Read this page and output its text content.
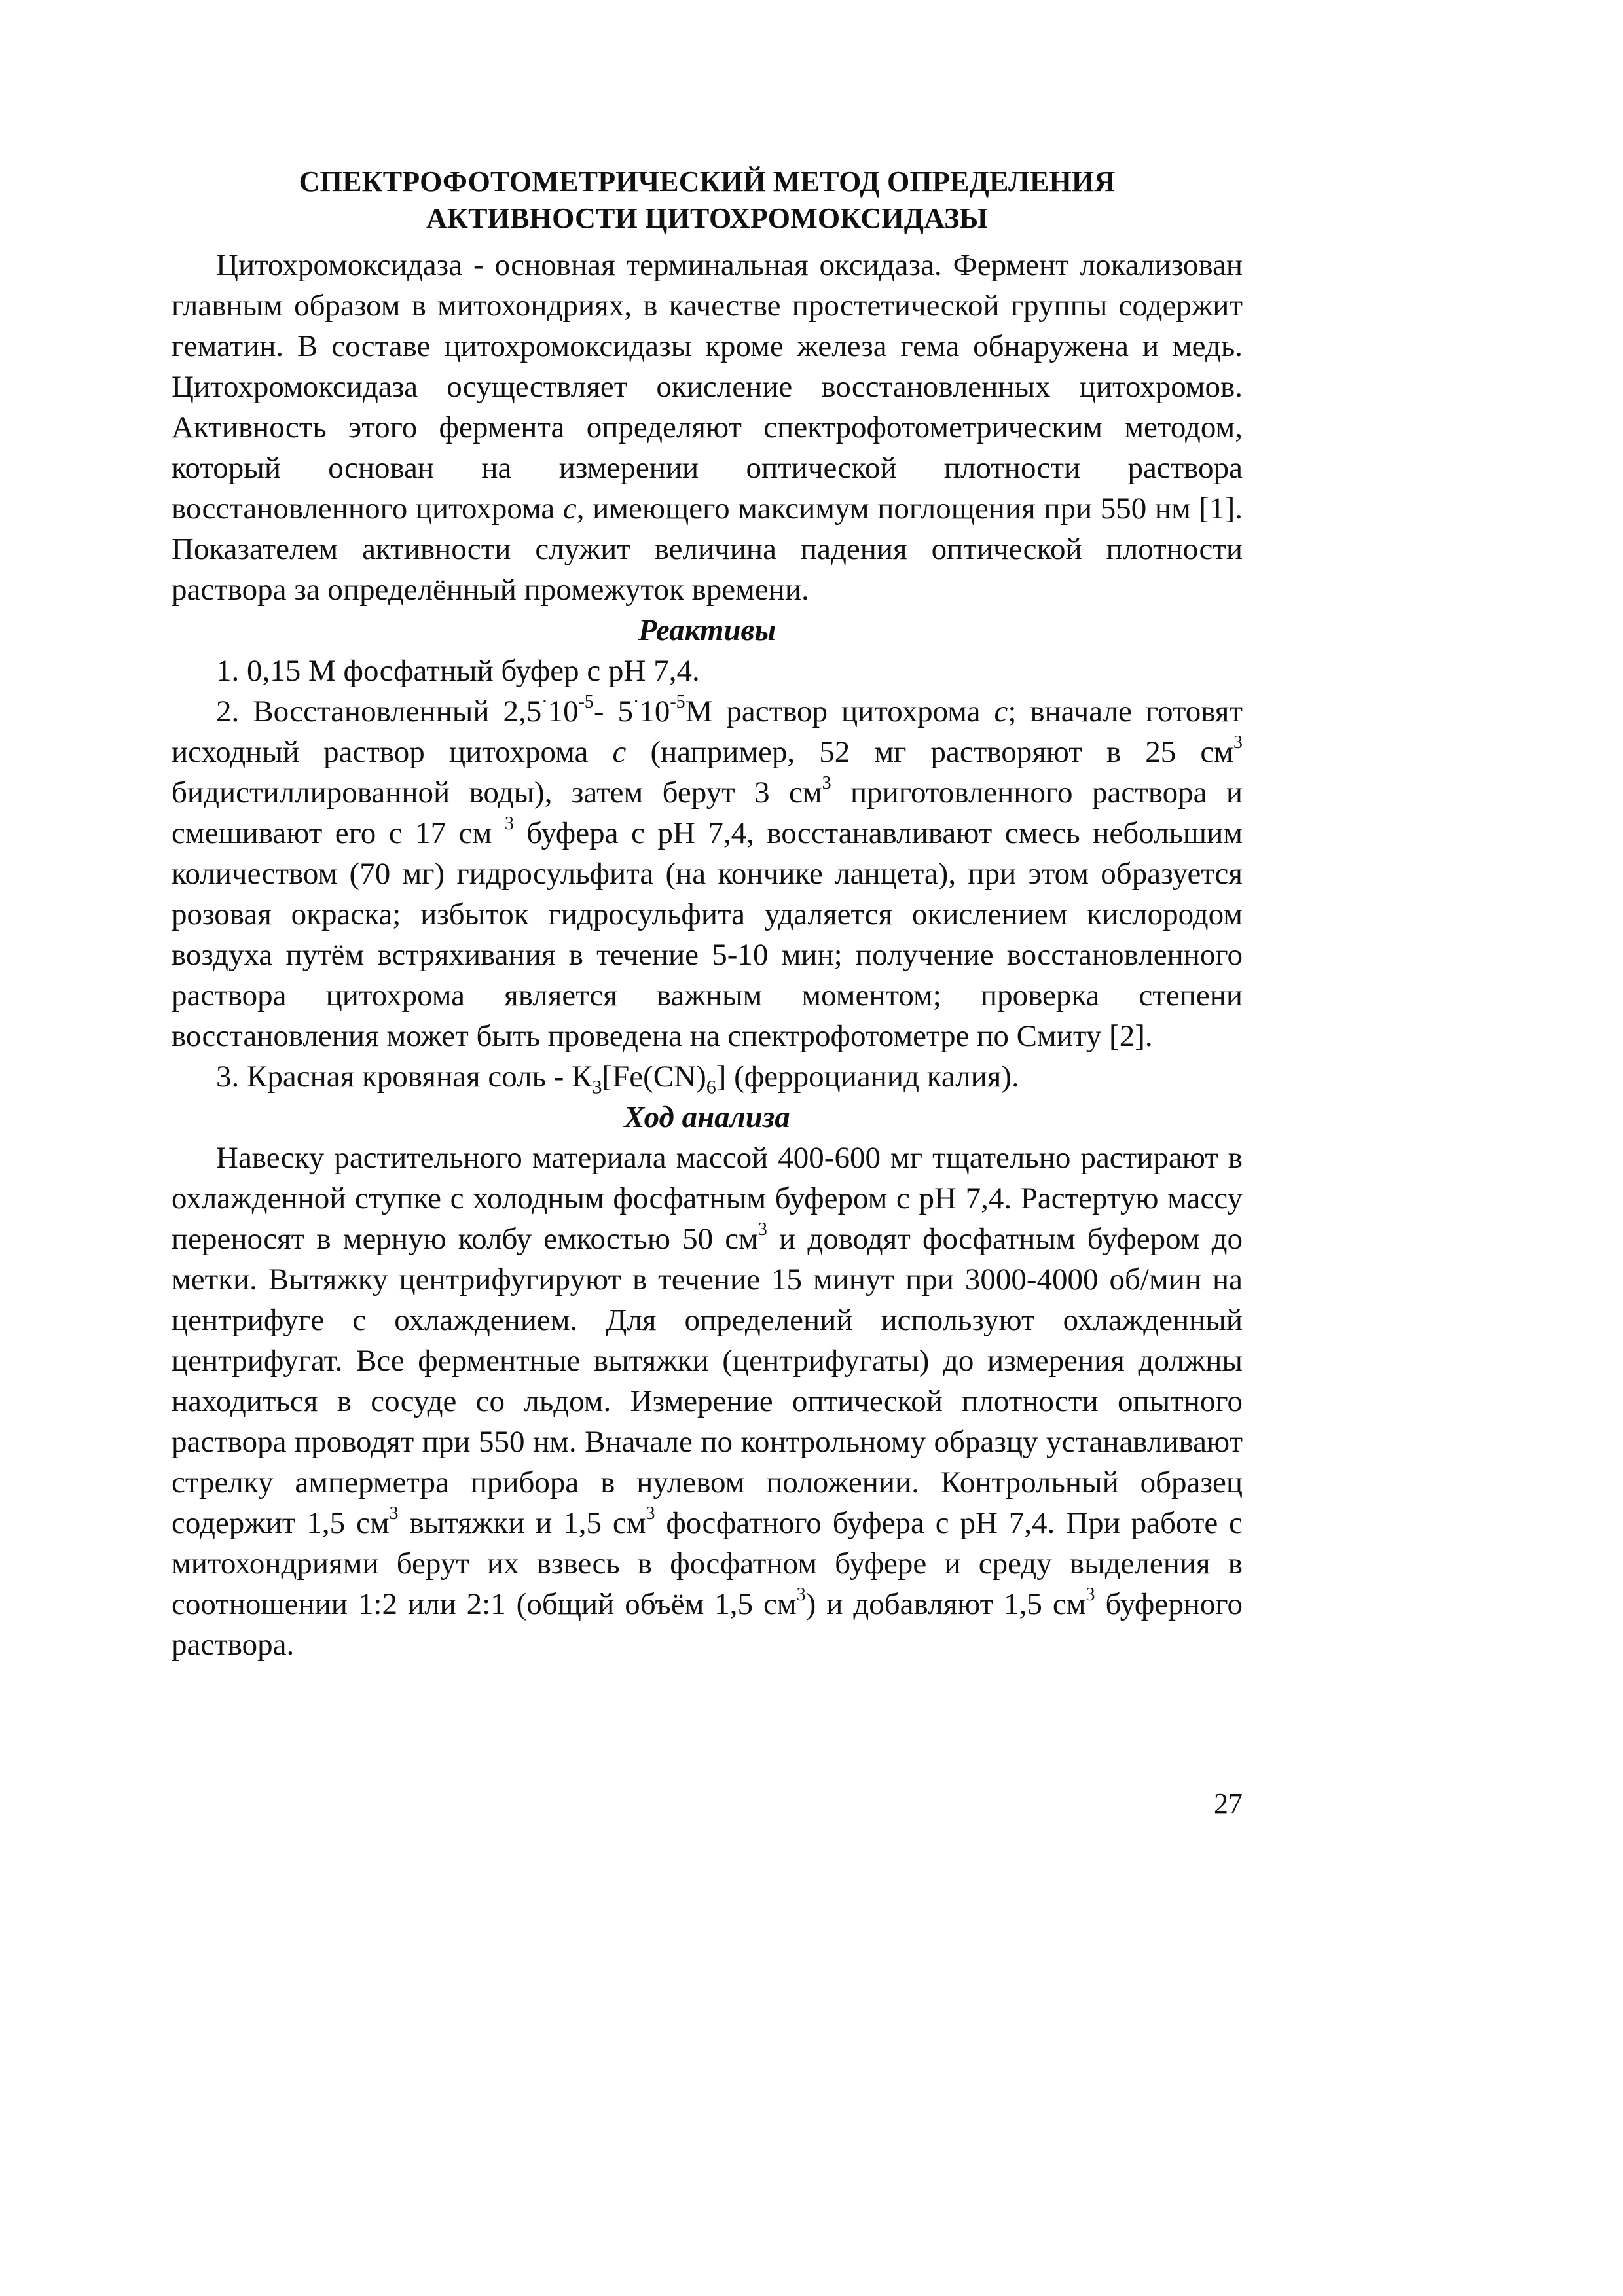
СПЕКТРОФОТОМЕТРИЧЕСКИЙ МЕТОД ОПРЕДЕЛЕНИЯ
АКТИВНОСТИ ЦИТОХРОМОКСИДАЗЫ

Цитохромоксидаза - основная терминальная оксидаза. Фермент локализован главным образом в митохондриях, в качестве простетической группы содержит гематин. В составе цитохромоксидазы кроме железа гема обнаружена и медь. Цитохромоксидаза осуществляет окисление восстановленных цитохромов. Активность этого фермента определяют спектрофотометрическим методом, который основан на измерении оптической плотности раствора восстановленного цитохрома с, имеющего максимум поглощения при 550 нм [1]. Показателем активности служит величина падения оптической плотности раствора за определённый промежуток времени.

Реактивы

1. 0,15 М фосфатный буфер с рН 7,4.

2. Восстановленный $2,5^\cdot 10^{-5}-$ $5^\cdot 10^{-5}М$ раствор цитохрома с; вначале готовят исходный раствор цитохрома с (например, 52 мг растворяют в 25 $см^3$ бидистиллированной воды), затем берут 3 $см^3$ приготовленного раствора и смешивают его с 17 см $^3$ буфера с рН 7,4, восстанавливают смесь небольшим количеством (70 мг) гидросульфита (на кончике ланцета), при этом образуется розовая окраска; избыток гидросульфита удаляется окислением кислородом воздуха путём встряхивания в течение 5-10 мин; получение восстановленного раствора цитохрома является важным моментом; проверка степени восстановления может быть проведена на спектрофотометре по Смиту [2].

3. Красная кровяная соль - $К_3[Fe(CN)_6]$ (ферроцианид калия).

Ход анализа

Навеску растительного материала массой 400-600 мг тщательно растирают в охлажденной ступке с холодным фосфатным буфером с рН 7,4. Растертую массу переносят в мерную колбу емкостью 50 $см^3$ и доводят фосфатным буфером до метки. Вытяжку центрифугируют в течение 15 минут при 3000-4000 об/мин на центрифуге с охлаждением. Для определений используют охлажденный центрифугат. Все ферментные вытяжки (центрифугаты) до измерения должны находиться в сосуде со льдом. Измерение оптической плотности опытного раствора проводят при 550 нм. Вначале по контрольному образцу устанавливают стрелку амперметра прибора в нулевом положении. Контрольный образец содержит 1,5 $см^3$ вытяжки и 1,5 $см^3$ фосфатного буфера с рН 7,4. При работе с митохондриями берут их взвесь в фосфатном буфере и среду выделения в соотношении 1:2 или 2:1 (общий объём 1,5 $см^3$) и добавляют 1,5 $см^3$ буферного раствора.

27
